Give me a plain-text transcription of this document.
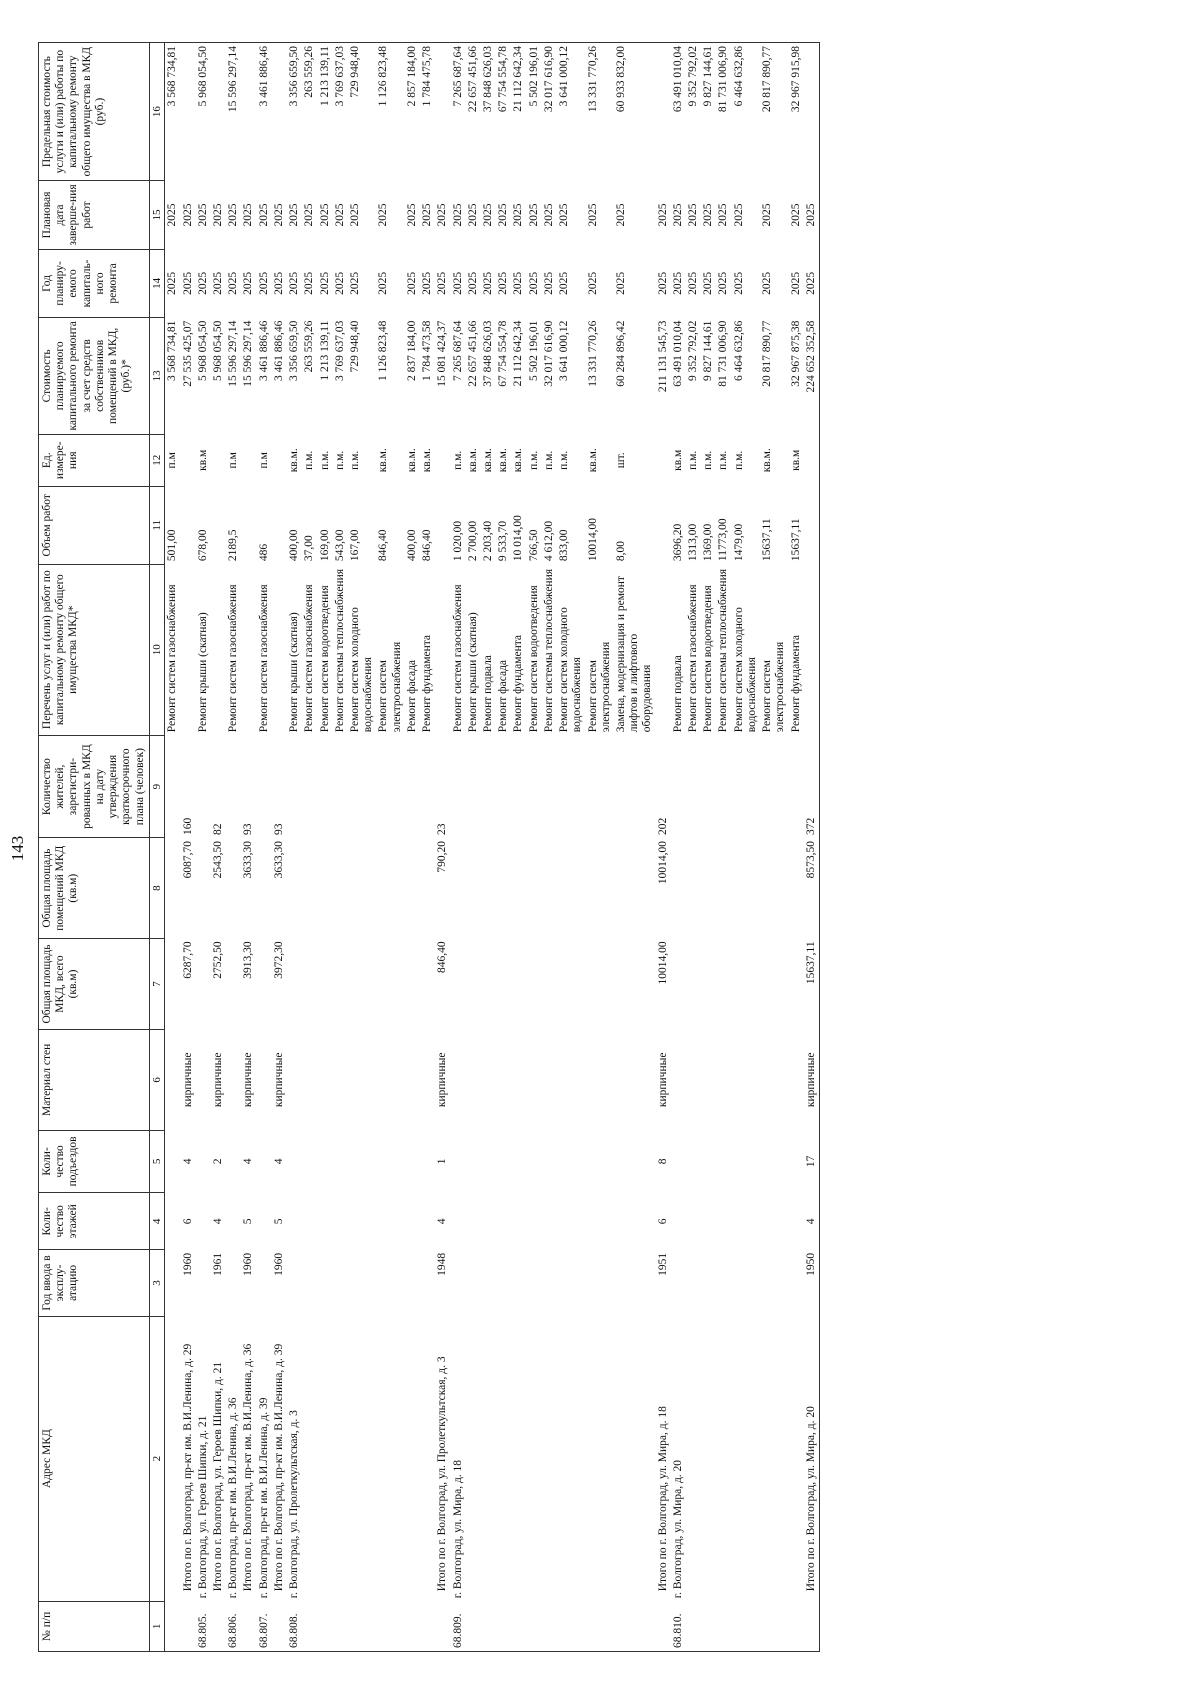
143
№ п/п	Адрес МКД	Год ввода в эксплу-атацию	Коли-чество этажей	Коли-чество подъездов	Материал стен	Общая площадь МКД, всего (кв.м)	Общая площадь помещений МКД (кв.м)	Количество жителей, зарегистри-рованных в МКД на дату утверждения краткосрочного плана (человек)	Перечень услуг и (или) работ по капитальному ремонту общего имущества МКД*	Объем работ	Ед. измере-ния	Стоимость планируемого капитального ремонта за счет средств собственников помещений в МКД, (руб.)*	Год планиру-емого капиталь-ного ремонта	Плановая дата заверше-ния работ	Предельная стоимость услуги и (или) работы по капитальному ремонту общего имущества в МКД (руб.)
1	2	3	4	5	6	7	8	9	10	11	12	13	14	15	16
									Ремонт систем газоснабжения	501,00	п.м	3 568 734,81	2025	2025	3 568 734,81
	Итого по г. Волгоград, пр-кт им. В.И.Ленина, д. 29	1960	6	4	кирпичные	6287,70	6087,70	160				27 535 425,07	2025	2025	
68.805.	г. Волгоград, ул. Героев Шипки, д. 21								Ремонт крыши (скатная)	678,00	кв.м	5 968 054,50	2025	2025	5 968 054,50
	Итого по г. Волгоград, ул. Героев Шипки, д. 21	1961	4	2	кирпичные	2752,50	2543,50	82				5 968 054,50	2025	2025	
68.806.	г. Волгоград, пр-кт им. В.И.Ленина, д. 36								Ремонт систем газоснабжения	2189,5	п.м	15 596 297,14	2025	2025	15 596 297,14
	Итого по г. Волгоград, пр-кт им. В.И.Ленина, д. 36	1960	5	4	кирпичные	3913,30	3633,30	93				15 596 297,14	2025	2025	
68.807.	г. Волгоград, пр-кт им. В.И.Ленина, д. 39								Ремонт систем газоснабжения	486	п.м	3 461 886,46	2025	2025	3 461 886,46
	Итого по г. Волгоград, пр-кт им. В.И.Ленина, д. 39	1960	5	4	кирпичные	3972,30	3633,30	93				3 461 886,46	2025	2025	
68.808.	г. Волгоград, ул. Пролеткультская, д. 3								Ремонт крыши (скатная)	400,00	кв.м.	3 356 659,50	2025	2025	3 356 659,50
									Ремонт систем газоснабжения	37,00	п.м.	263 559,26	2025	2025	263 559,26
									Ремонт систем водоотведения	169,00	п.м.	1 213 139,11	2025	2025	1 213 139,11
									Ремонт системы теплоснабжения	543,00	п.м.	3 769 637,03	2025	2025	3 769 637,03
									Ремонт систем холодного водоснабжения	167,00	п.м.	729 948,40	2025	2025	729 948,40
									Ремонт систем электроснабжения	846,40	кв.м.	1 126 823,48	2025	2025	1 126 823,48
									Ремонт фасада	400,00	кв.м.	2 837 184,00	2025	2025	2 857 184,00
									Ремонт фундамента	846,40	кв.м.	1 784 473,58	2025	2025	1 784 475,78
	Итого по г. Волгоград, ул. Пролеткультская, д. 3	1948	4	1	кирпичные	846,40	790,20	23				15 081 424,37	2025	2025	
68.809.	г. Волгоград, ул. Мира, д. 18								Ремонт систем газоснабжения	1 020,00	п.м.	7 265 687,64	2025	2025	7 265 687,64
									Ремонт крыши (скатная)	2 700,00	кв.м.	22 657 451,66	2025	2025	22 657 451,66
									Ремонт подвала	2 203,40	кв.м.	37 848 626,03	2025	2025	37 848 626,03
									Ремонт фасада	9 533,70	кв.м.	67 754 554,78	2025	2025	67 754 554,78
									Ремонт фундамента	10 014,00	кв.м.	21 112 642,34	2025	2025	21 112 642,34
									Ремонт систем водоотведения	766,50	п.м.	5 502 196,01	2025	2025	5 502 196,01
									Ремонт системы теплоснабжения	4 612,00	п.м.	32 017 616,90	2025	2025	32 017 616,90
									Ремонт систем холодного водоснабжения	833,00	п.м.	3 641 000,12	2025	2025	3 641 000,12
									Ремонт систем электроснабжения	10014,00	кв.м.	13 331 770,26	2025	2025	13 331 770,26
									Замена, модернизация и ремонт лифтов и лифтового оборудования	8,00	шт.	60 284 896,42	2025	2025	60 933 832,00
	Итого по г. Волгоград, ул. Мира, д. 18	1951	6	8	кирпичные	10014,00	10014,00	202				211 131 545,73	2025	2025	
68.810.	г. Волгоград, ул. Мира, д. 20								Ремонт подвала	3696,20	кв.м	63 491 010,04	2025	2025	63 491 010,04
									Ремонт систем газоснабжения	1313,00	п.м.	9 352 792,02	2025	2025	9 352 792,02
									Ремонт систем водоотведения	1369,00	п.м.	9 827 144,61	2025	2025	9 827 144,61
									Ремонт системы теплоснабжения	11773,00	п.м.	81 731 006,90	2025	2025	81 731 006,90
									Ремонт систем холодного водоснабжения	1479,00	п.м.	6 464 632,86	2025	2025	6 464 632,86
									Ремонт систем электроснабжения	15637,11	кв.м.	20 817 890,77	2025	2025	20 817 890,77
									Ремонт фундамента	15637,11	кв.м	32 967 875,38	2025	2025	32 967 915,98
	Итого по г. Волгоград, ул. Мира, д. 20	1950	4	17	кирпичные	15637,11	8573,50	372				224 652 352,58	2025	2025	
